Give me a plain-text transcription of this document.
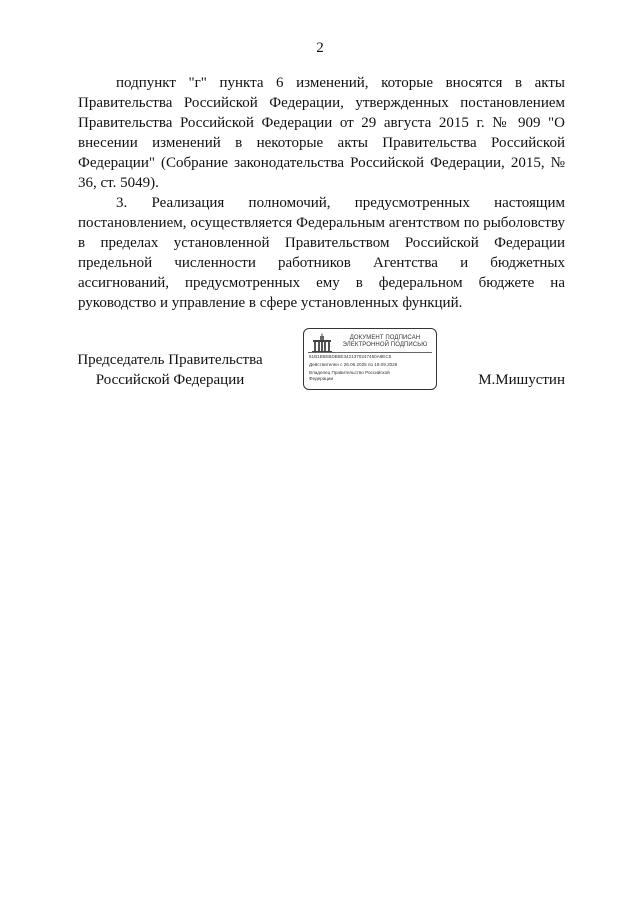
2

подпункт "г" пункта 6 изменений, которые вносятся в акты Правительства Российской Федерации, утвержденных постановлением Правительства Российской Федерации от 29 августа 2015 г. № 909 "О внесении изменений в некоторые акты Правительства Российской Федерации" (Собрание законодательства Российской Федерации, 2015, № 36, ст. 5049).

3. Реализация полномочий, предусмотренных настоящим постановлением, осуществляется Федеральным агентством по рыболовству в пределах установленной Правительством Российской Федерации предельной численности работников Агентства и бюджетных ассигнований, предусмотренных ему в федеральном бюджете на руководство и управление в сфере установленных функций.

Председатель Правительства
Российской Федерации
ДОКУМЕНТ ПОДПИСАН
ЭЛЕКТРОННОЙ ПОДПИСЬЮ
51B1B6EBDB6E3421370247450A9EC5
Действителен с 26.06.2025 по 19.09.2026
Владелец Правительство Российской
Федерации	М.Мишустин
